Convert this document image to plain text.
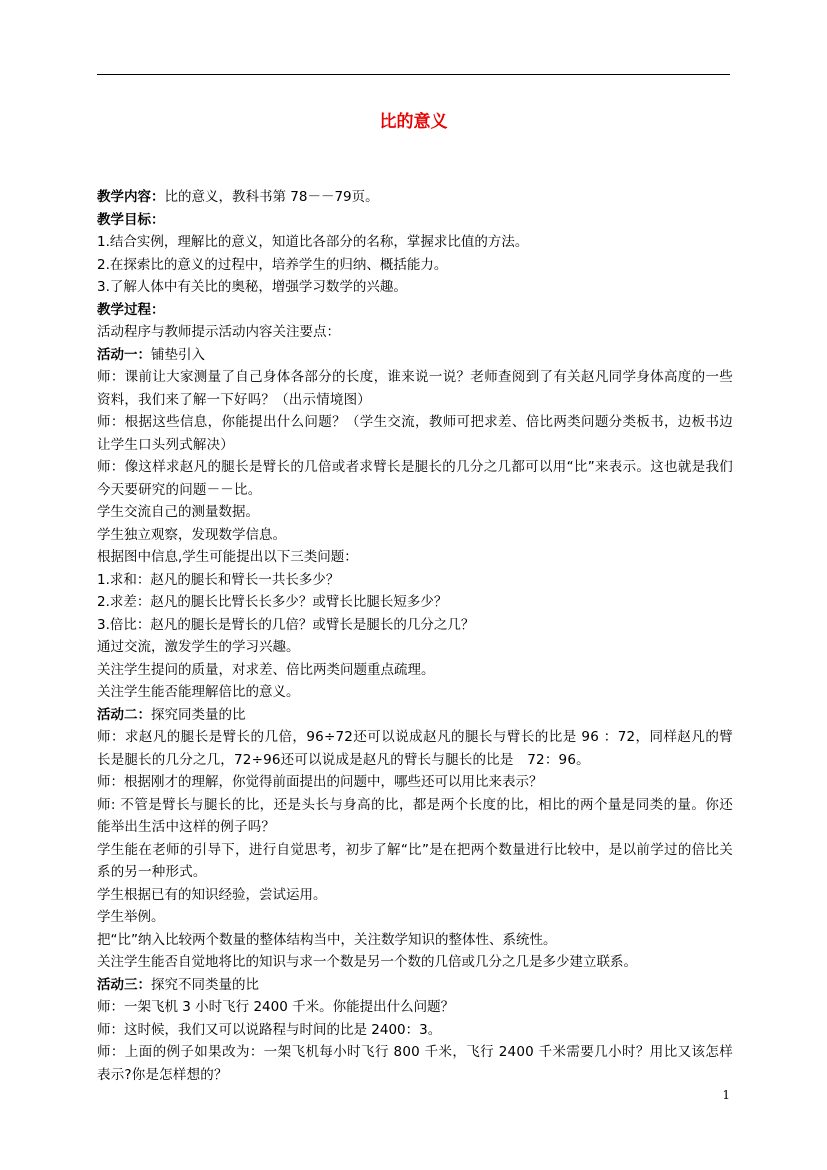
比的意义
教学内容：比的意义，教科书第 78－－79页。
教学目标：
1.结合实例，理解比的意义，知道比各部分的名称，掌握求比值的方法。
2.在探索比的意义的过程中，培养学生的归纳、概括能力。
3.了解人体中有关比的奥秘，增强学习数学的兴趣。
教学过程：
活动程序与教师提示活动内容关注要点：
活动一：铺垫引入
师：课前让大家测量了自己身体各部分的长度，谁来说一说？老师查阅到了有关赵凡同学身体高度的一些资料，我们来了解一下好吗？（出示情境图）
师：根据这些信息，你能提出什么问题？（学生交流，教师可把求差、倍比两类问题分类板书，边板书边让学生口头列式解决）
师：像这样求赵凡的腿长是臂长的几倍或者求臂长是腿长的几分之几都可以用“比”来表示。这也就是我们今天要研究的问题－－比。
学生交流自己的测量数据。
学生独立观察，发现数学信息。
根据图中信息,学生可能提出以下三类问题：
1.求和：赵凡的腿长和臂长一共长多少？
2.求差：赵凡的腿长比臂长长多少？或臂长比腿长短多少？
3.倍比：赵凡的腿长是臂长的几倍？或臂长是腿长的几分之几？
通过交流，激发学生的学习兴趣。
关注学生提问的质量，对求差、倍比两类问题重点疏理。
关注学生能否能理解倍比的意义。
活动二：探究同类量的比
师：求赵凡的腿长是臂长的几倍，96÷72还可以说成赵凡的腿长与臂长的比是 96 ：72，同样赵凡的臂长是腿长的几分之几，72÷96还可以说成是赵凡的臂长与腿长的比是　72：96。
师：根据刚才的理解，你觉得前面提出的问题中，哪些还可以用比来表示？
师: 不管是臂长与腿长的比，还是头长与身高的比，都是两个长度的比，相比的两个量是同类的量。你还能举出生活中这样的例子吗？
学生能在老师的引导下，进行自觉思考，初步了解“比”是在把两个数量进行比较中，是以前学过的倍比关系的另一种形式。
学生根据已有的知识经验，尝试运用。
学生举例。
把“比”纳入比较两个数量的整体结构当中，关注数学知识的整体性、系统性。
关注学生能否自觉地将比的知识与求一个数是另一个数的几倍或几分之几是多少建立联系。
活动三：探究不同类量的比
师：一架飞机 3 小时飞行 2400 千米。你能提出什么问题？
师：这时候，我们又可以说路程与时间的比是 2400：3。
师：上面的例子如果改为：一架飞机每小时飞行 800 千米，飞行 2400 千米需要几小时？用比又该怎样表示?你是怎样想的？
1
